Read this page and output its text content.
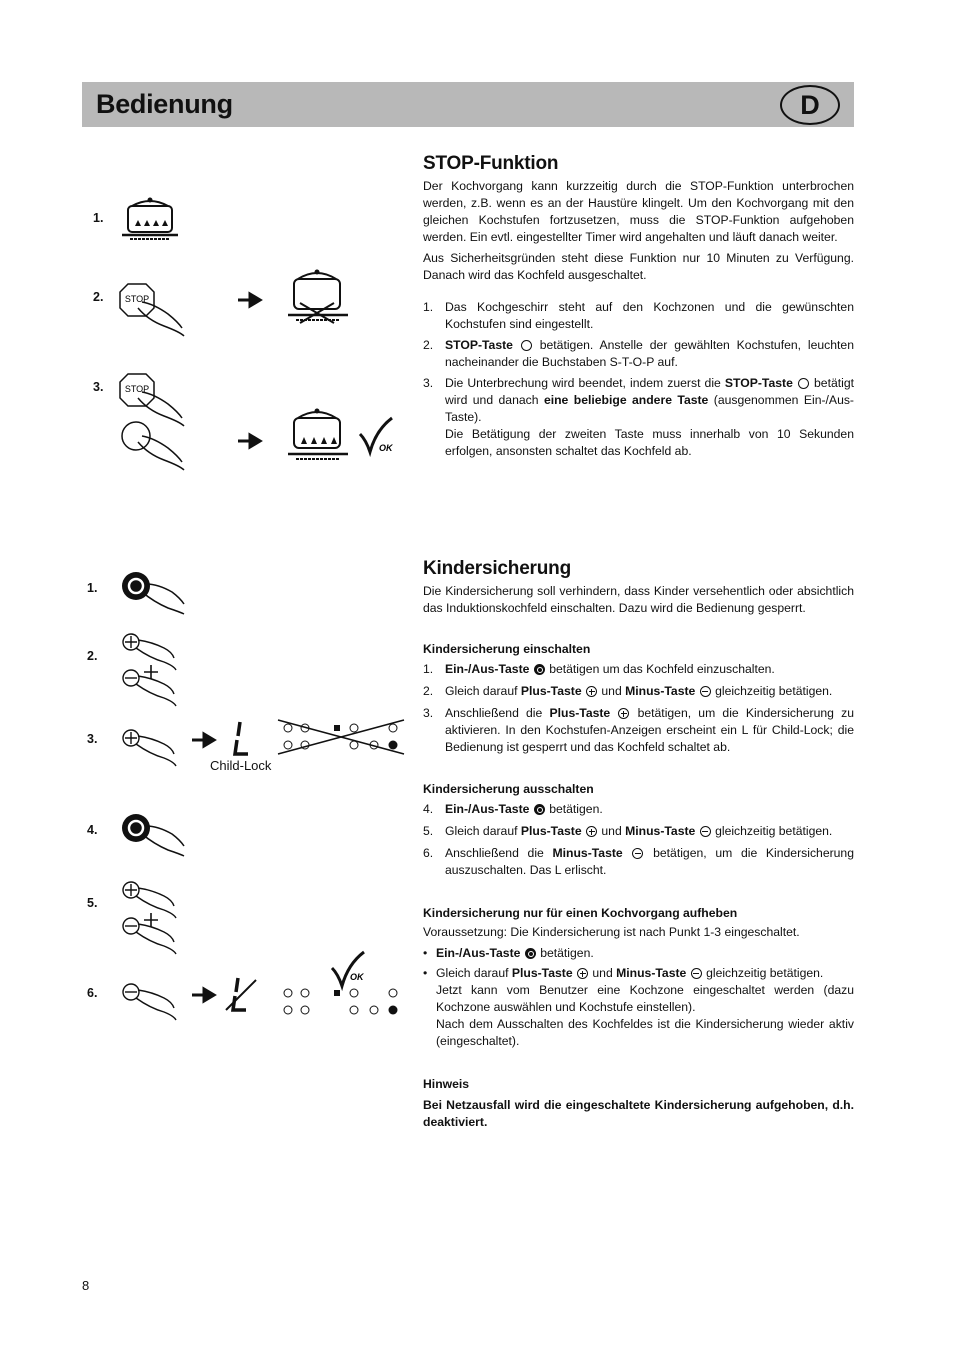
Bedienung	D
STOP-Funktion

Der Kochvorgang kann kurzzeitig durch die STOP-Funktion unterbrochen werden, z.B. wenn es an der Haustüre klingelt. Um den Kochvorgang mit den gleichen Kochstufen fortzusetzen, muss die STOP-Funktion aufgehoben werden. Ein evtl. eingestellter Timer wird angehalten und läuft danach weiter.

Aus Sicherheitsgründen steht diese Funktion nur 10 Minuten zu Verfügung. Danach wird das Kochfeld ausgeschaltet.

1. Das Kochgeschirr steht auf den Kochzonen und die gewünschten Kochstufen sind eingestellt.
2. STOP-Taste  betätigen. Anstelle der gewählten Kochstufen, leuchten nacheinander die Buchstaben S-T-O-P auf.
3. Die Unterbrechung wird beendet, indem zuerst die STOP-Taste  betätigt wird und danach eine beliebige andere Taste (ausgenommen Ein-/Aus-Taste).
Die Betätigung der zweiten Taste muss innerhalb von 10 Sekunden erfolgen, ansonsten schaltet das Kochfeld ab.
Kindersicherung

Die Kindersicherung soll verhindern, dass Kinder versehentlich oder absichtlich das Induktionskochfeld einschalten. Dazu wird die Bedienung gesperrt.

Kindersicherung einschalten
1. Ein-/Aus-Taste  betätigen um das Kochfeld einzuschalten.
2. Gleich darauf Plus-Taste  und Minus-Taste  gleichzeitig betätigen.
3. Anschließend die Plus-Taste  betätigen, um die Kindersicherung zu aktivieren. In den Kochstufen-Anzeigen erscheint ein L für Child-Lock; die Bedienung ist gesperrt und das Kochfeld schaltet ab.
Kindersicherung ausschalten
4. Ein-/Aus-Taste  betätigen.
5. Gleich darauf Plus-Taste  und Minus-Taste  gleichzeitig betätigen.
6. Anschließend die Minus-Taste  betätigen, um die Kindersicherung auszuschalten. Das L erlischt.
Kindersicherung nur für einen Kochvorgang aufheben

Voraussetzung: Die Kindersicherung ist nach Punkt 1-3 eingeschaltet.

• Ein-/Aus-Taste  betätigen.
• Gleich darauf Plus-Taste  und Minus-Taste  gleichzeitig betätigen.
Jetzt kann vom Benutzer eine Kochzone eingeschaltet werden (dazu Kochzone auswählen und Kochstufe einstellen).
Nach dem Ausschalten des Kochfeldes ist die Kindersicherung wieder aktiv (eingeschaltet).
Hinweis

Bei Netzausfall wird die eingeschaltete Kindersicherung aufgehoben, d.h. deaktiviert.

1.
2.
3.
STOP
STOP
OK
1.
2.
3.
4.
5.
6.
Child-Lock
OK
8
